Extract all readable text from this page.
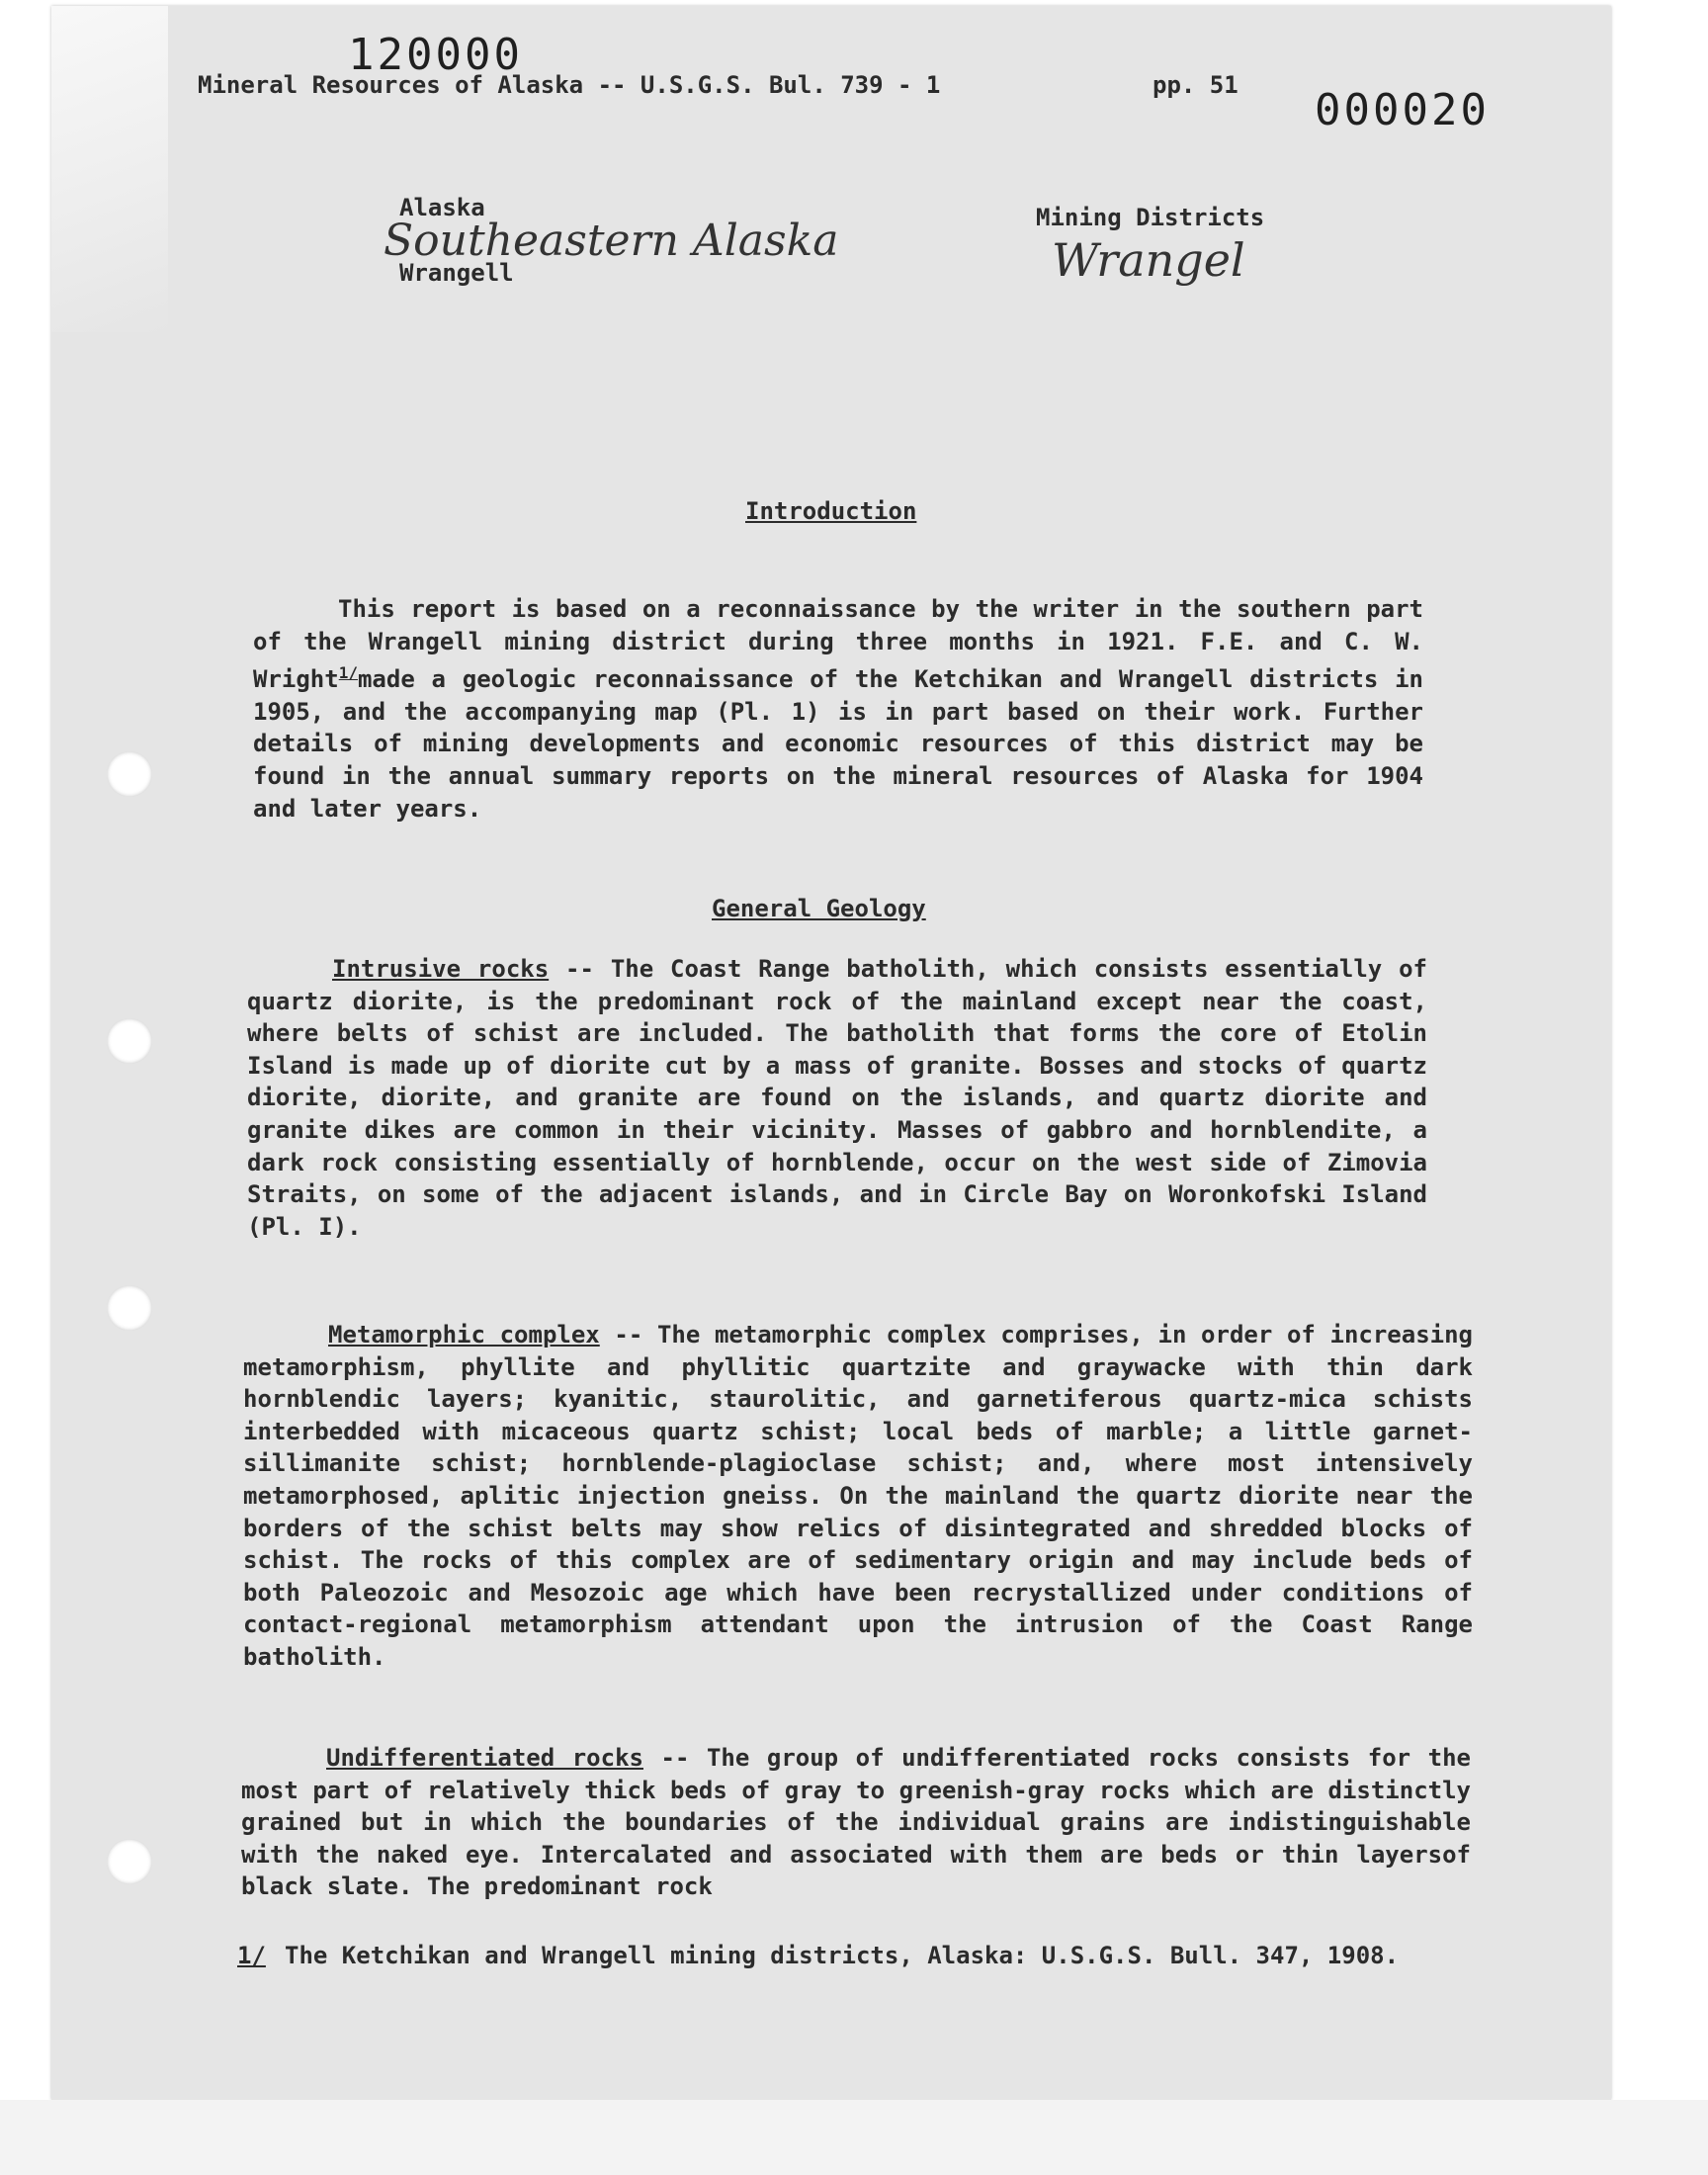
120000
Mineral Resources of Alaska -- U.S.G.S. Bul. 739 - 1	pp. 51 000020
Alaska
Southeastern Alaska
Wrangell
Mining Districts
Wrangel
Introduction

This report is based on a reconnaissance by the writer in the southern part of the Wrangell mining district during three months in 1921. F.E. and C. W. Wright$^{1/}$made a geologic reconnaissance of the Ketchikan and Wrangell districts in 1905, and the accompanying map (Pl. 1) is in part based on their work. Further details of mining developments and economic resources of this district may be found in the annual summary reports on the mineral resources of Alaska for 1904 and later years.

General Geology

Intrusive rocks -- The Coast Range batholith, which consists essentially of quartz diorite, is the predominant rock of the mainland except near the coast, where belts of schist are included. The batholith that forms the core of Etolin Island is made up of diorite cut by a mass of granite. Bosses and stocks of quartz diorite, diorite, and granite are found on the islands, and quartz diorite and granite dikes are common in their vicinity. Masses of gabbro and hornblendite, a dark rock consisting essentially of hornblende, occur on the west side of Zimovia Straits, on some of the adjacent islands, and in Circle Bay on Woronkofski Island (Pl. I).

Metamorphic complex -- The metamorphic complex comprises, in order of increasing metamorphism, phyllite and phyllitic quartzite and graywacke with thin dark hornblendic layers; kyanitic, staurolitic, and garnetiferous quartz-mica schists interbedded with micaceous quartz schist; local beds of marble; a little garnet-sillimanite schist; hornblende-plagioclase schist; and, where most intensively metamorphosed, aplitic injection gneiss. On the mainland the quartz diorite near the borders of the schist belts may show relics of disintegrated and shredded blocks of schist. The rocks of this complex are of sedimentary origin and may include beds of both Paleozoic and Mesozoic age which have been recrystallized under conditions of contact-regional metamorphism attendant upon the intrusion of the Coast Range batholith.

Undifferentiated rocks -- The group of undifferentiated rocks consists for the most part of relatively thick beds of gray to greenish-gray rocks which are distinctly grained but in which the boundaries of the individual grains are indistinguishable with the naked eye. Intercalated and associated with them are beds or thin layersof black slate. The predominant rock

1/ The Ketchikan and Wrangell mining districts, Alaska: U.S.G.S. Bull. 347, 1908.
